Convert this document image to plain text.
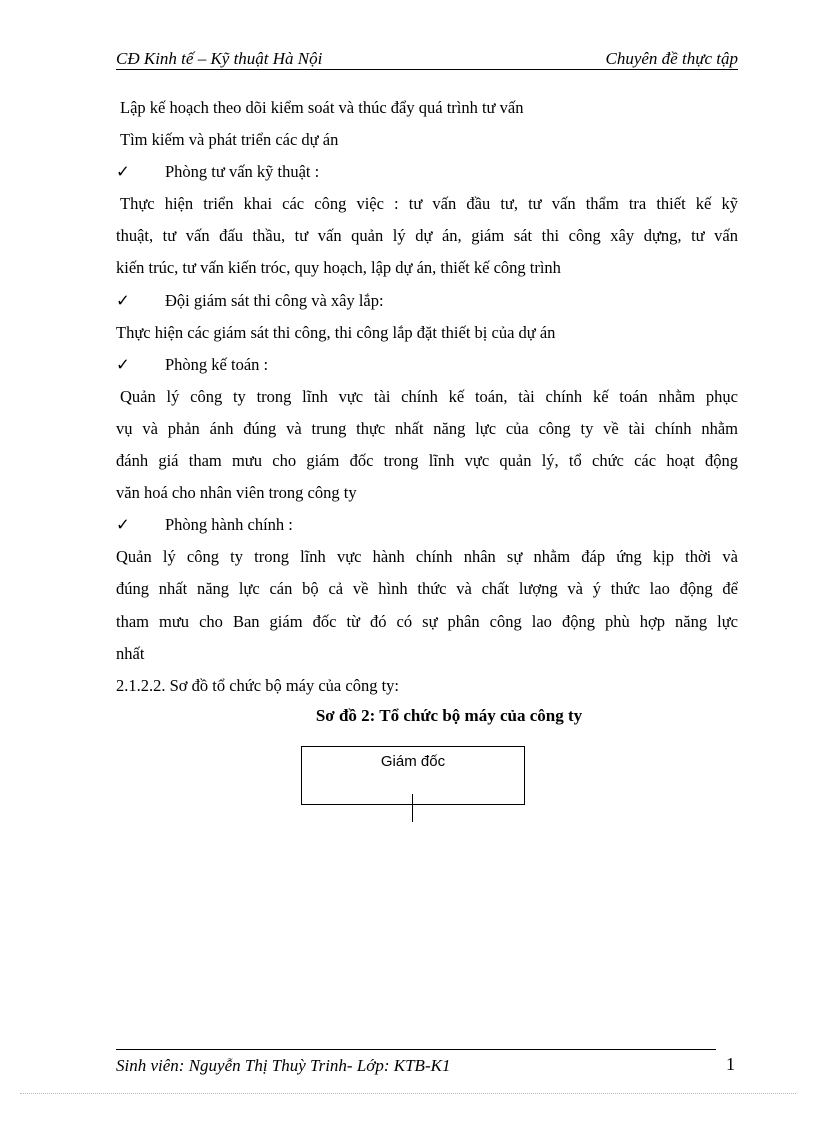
CĐ Kinh tế – Kỹ thuật Hà Nội	Chuyên đề thực tập

Lập kế hoạch theo dõi kiểm soát và thúc đẩy quá trình tư vấn

Tìm kiếm và phát triển các dự án

✓ Phòng tư vấn kỹ thuật :

Thực hiện triển khai các công việc : tư vấn đầu tư, tư vấn thẩm tra thiết kế kỹ

thuật, tư vấn đấu thầu, tư vấn quản lý dự án, giám sát thi công xây dựng, tư vấn

kiến trúc, tư vấn kiến tróc, quy hoạch, lập dự án, thiết kế công trình

✓ Đội giám sát thi công và xây lắp:

Thực hiện các giám sát thi công, thi công lắp đặt thiết bị của dự án

✓ Phòng kế toán :

Quản lý công ty trong lĩnh vực tài chính kế toán, tài chính kế toán nhằm phục

vụ và phản ánh đúng và trung thực nhất năng lực của công ty về tài chính nhằm

đánh giá tham mưu cho giám đốc trong lĩnh vực quản lý, tổ chức các hoạt động

văn hoá cho nhân viên trong công ty

✓ Phòng hành chính :

Quản lý công ty trong lĩnh vực hành chính nhân sự nhằm đáp ứng kịp thời và

đúng nhất năng lực cán bộ cả về hình thức và chất lượng và ý thức lao động để

tham mưu cho Ban giám đốc từ đó có sự phân công lao động phù hợp năng lực

nhất

2.1.2.2. Sơ đồ tổ chức bộ máy của công ty:

Sơ đồ 2: Tổ chức bộ máy của công ty
Giám đốc
Sinh viên: Nguyễn Thị Thuỳ Trinh- Lớp: KTB-K1	1
